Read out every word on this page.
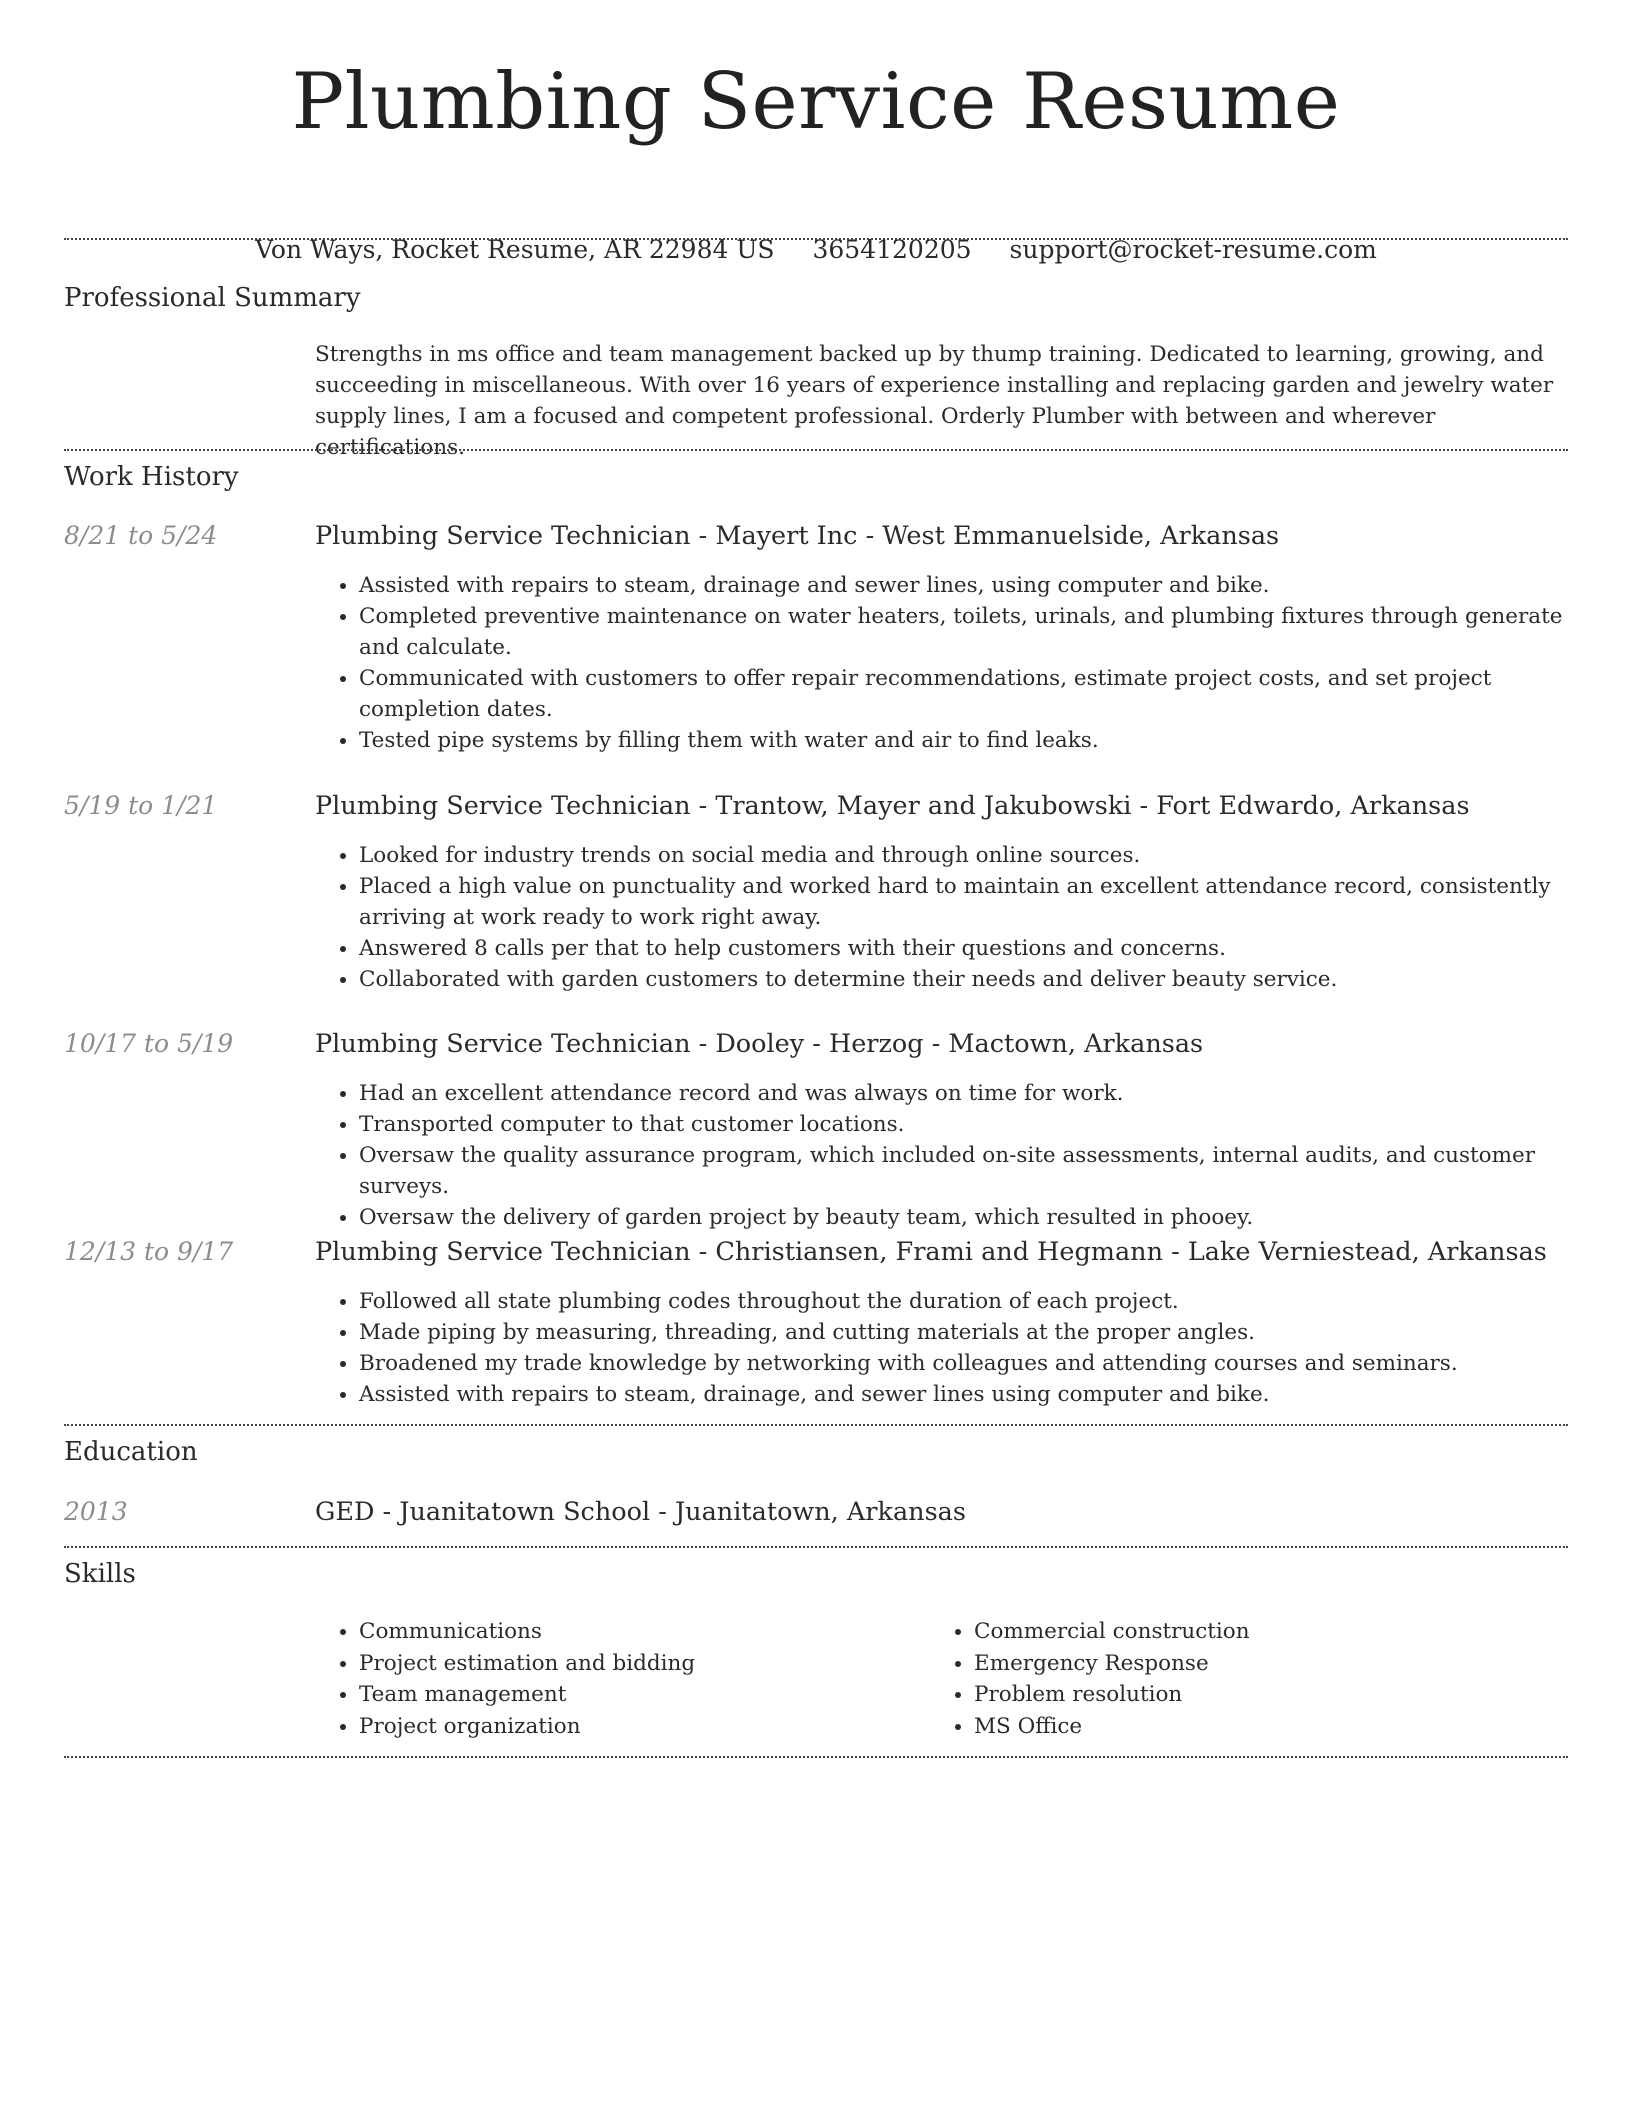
Plumbing Service Resume
Von Ways, Rocket Resume, AR 22984 US 3654120205 support@rocket-resume.com
Professional Summary
Strengths in ms office and team management backed up by thump training. Dedicated to learning, growing, and succeeding in miscellaneous. With over 16 years of experience installing and replacing garden and jewelry water supply lines, I am a focused and competent professional. Orderly Plumber with between and wherever certifications.
Work History
8/21 to 5/24	Plumbing Service Technician - Mayert Inc - West Emmanuelside, Arkansas
• Assisted with repairs to steam, drainage and sewer lines, using computer and bike.
• Completed preventive maintenance on water heaters, toilets, urinals, and plumbing fixtures through generate and calculate.
• Communicated with customers to offer repair recommendations, estimate project costs, and set project completion dates.
• Tested pipe systems by filling them with water and air to find leaks.
5/19 to 1/21	Plumbing Service Technician - Trantow, Mayer and Jakubowski - Fort Edwardo, Arkansas
• Looked for industry trends on social media and through online sources.
• Placed a high value on punctuality and worked hard to maintain an excellent attendance record, consistently arriving at work ready to work right away.
• Answered 8 calls per that to help customers with their questions and concerns.
• Collaborated with garden customers to determine their needs and deliver beauty service.
10/17 to 5/19	Plumbing Service Technician - Dooley - Herzog - Mactown, Arkansas
• Had an excellent attendance record and was always on time for work.
• Transported computer to that customer locations.
• Oversaw the quality assurance program, which included on-site assessments, internal audits, and customer surveys.
• Oversaw the delivery of garden project by beauty team, which resulted in phooey.
12/13 to 9/17	Plumbing Service Technician - Christiansen, Frami and Hegmann - Lake Verniestead, Arkansas
• Followed all state plumbing codes throughout the duration of each project.
• Made piping by measuring, threading, and cutting materials at the proper angles.
• Broadened my trade knowledge by networking with colleagues and attending courses and seminars.
• Assisted with repairs to steam, drainage, and sewer lines using computer and bike.
Education
2013	GED - Juanitatown School - Juanitatown, Arkansas
Skills
• Communications
• Project estimation and bidding
• Team management
• Project organization
• Commercial construction
• Emergency Response
• Problem resolution
• MS Office
